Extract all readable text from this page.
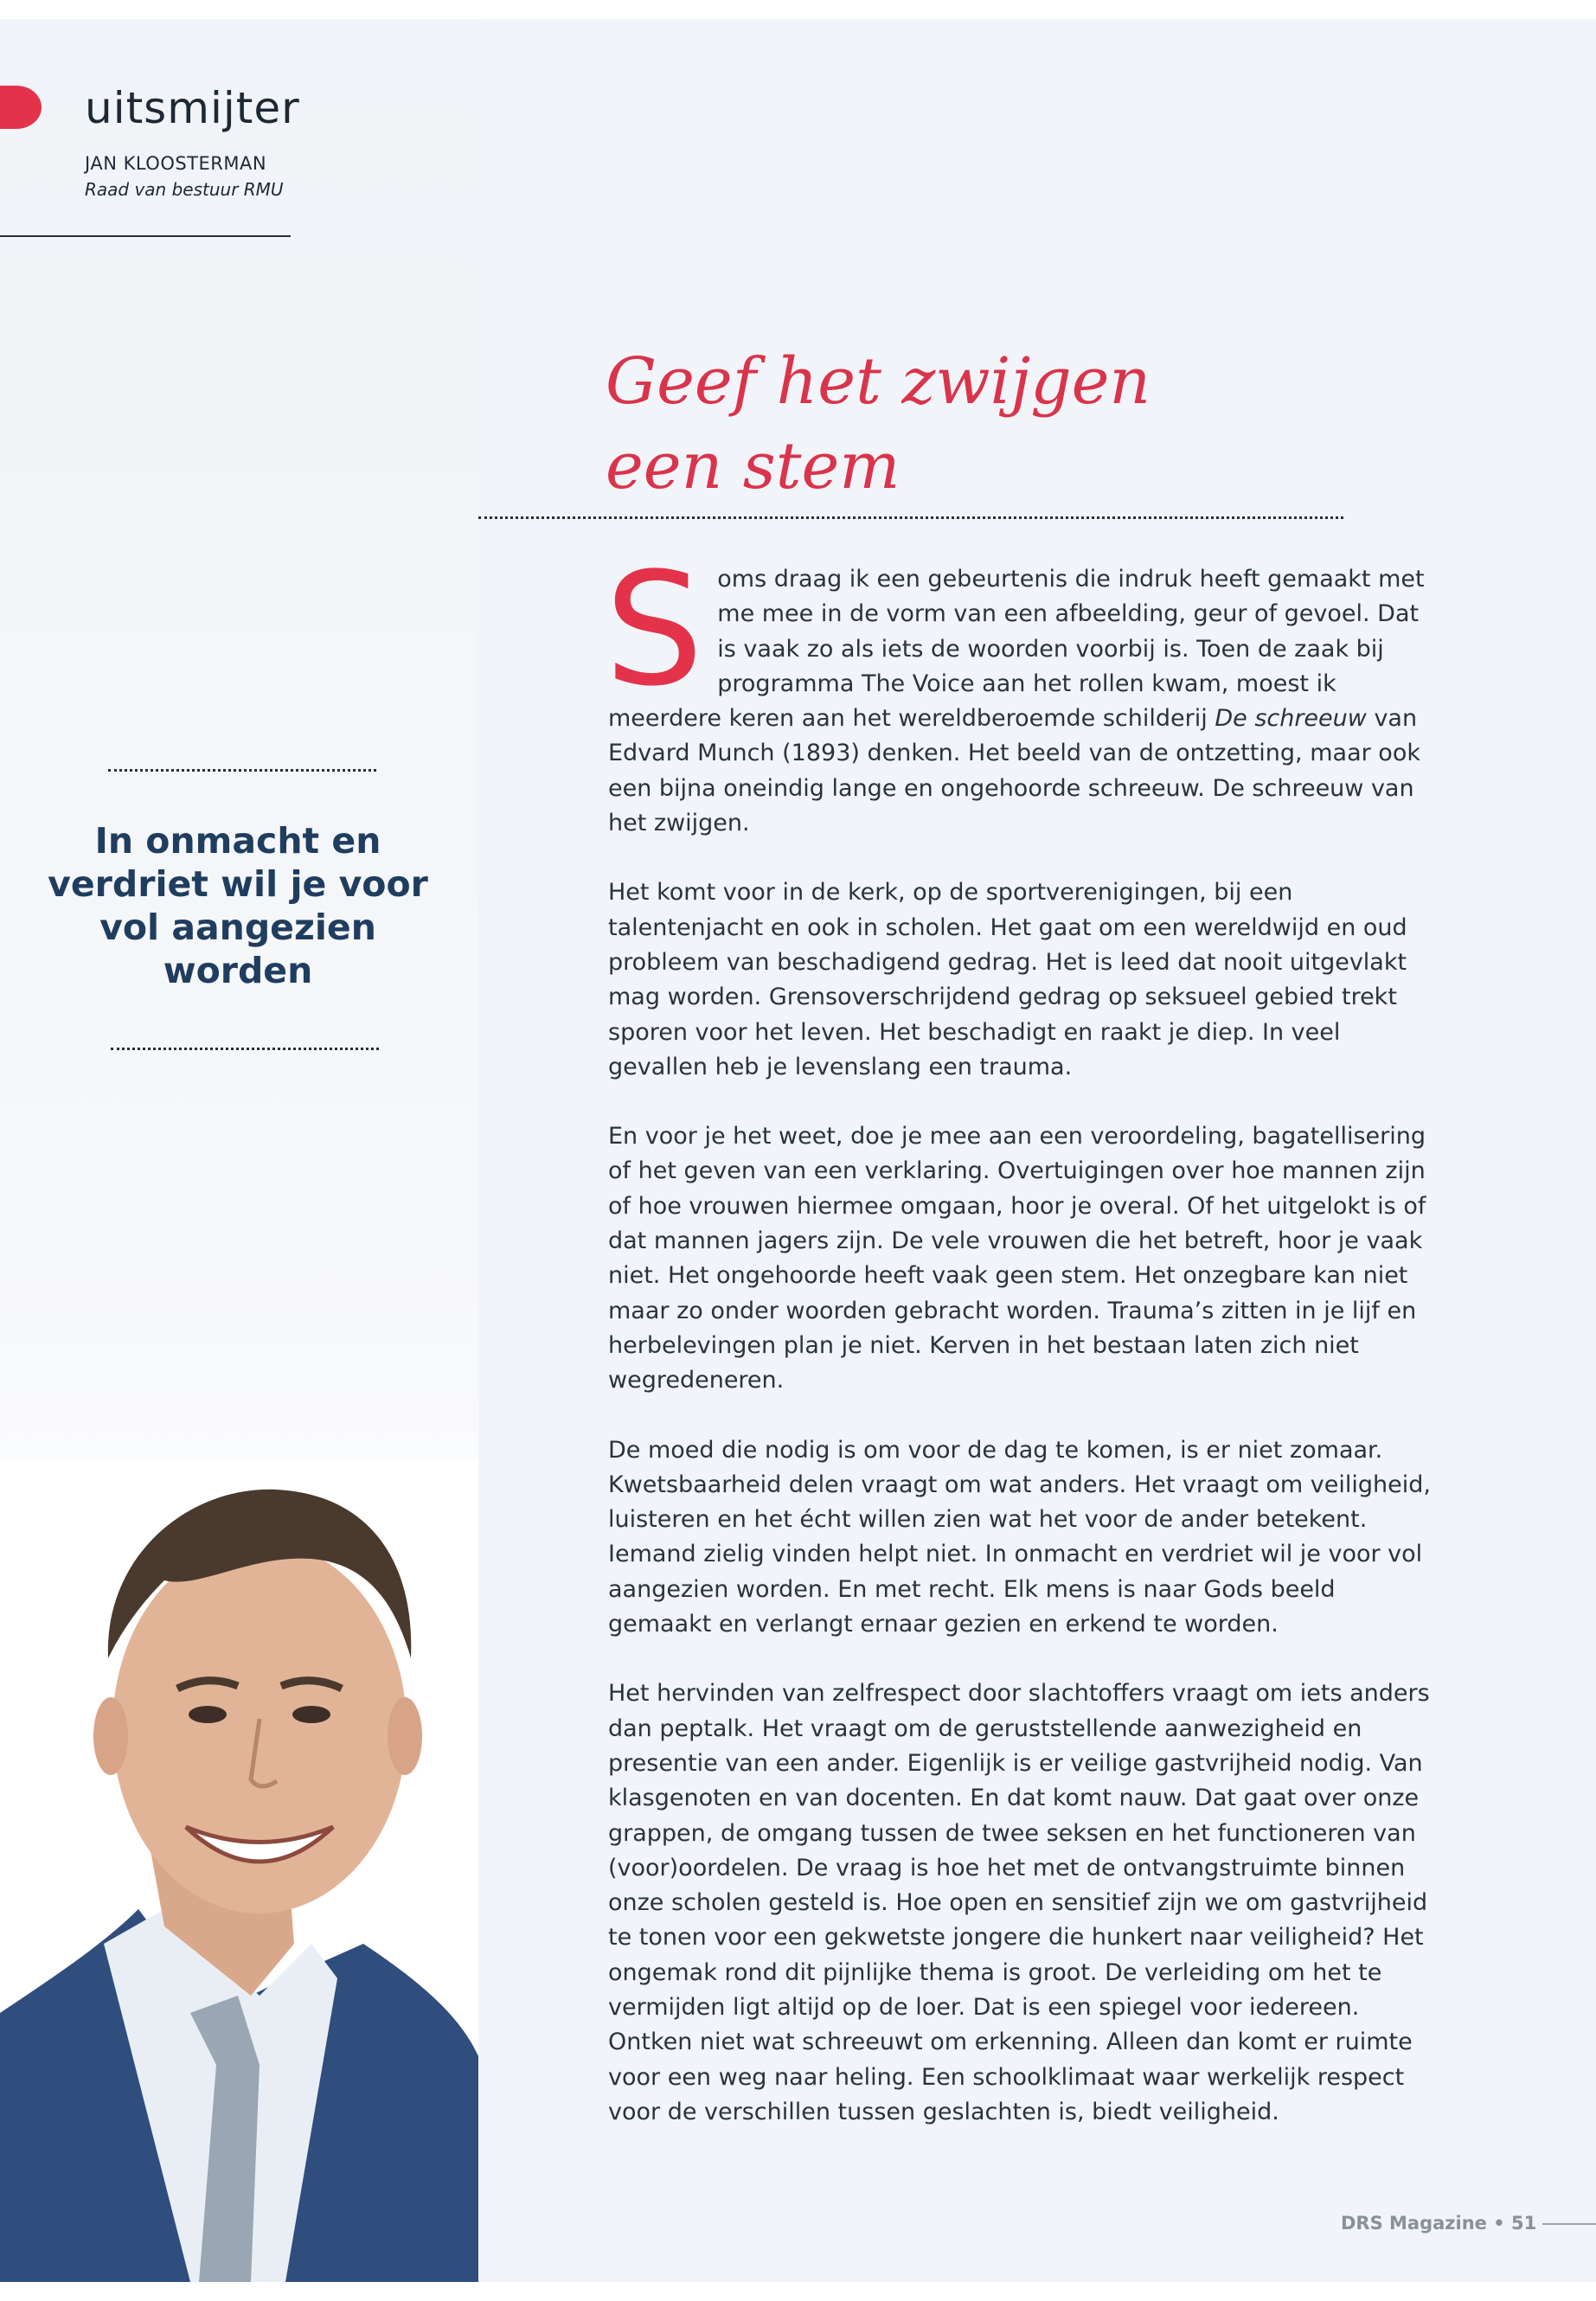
uitsmijter
JAN KLOOSTERMAN
Raad van bestuur RMU
In onmacht en verdriet wil je voor vol aangezien worden
Geef het zwijgen
een stem

Soms draag ik een gebeurtenis die indruk heeft gemaakt met me mee in de vorm van een afbeelding, geur of gevoel. Dat is vaak zo als iets de woorden voorbij is. Toen de zaak bij programma The Voice aan het rollen kwam, moest ik meerdere keren aan het wereldberoemde schilderij De schreeuw van Edvard Munch (1893) denken. Het beeld van de ontzetting, maar ook een bijna oneindig lange en ongehoorde schreeuw. De schreeuw van het zwijgen.

Het komt voor in de kerk, op de sportverenigingen, bij een talentenjacht en ook in scholen. Het gaat om een wereldwijd en oud probleem van beschadigend gedrag. Het is leed dat nooit uitgevlakt mag worden. Grensoverschrijdend gedrag op seksueel gebied trekt sporen voor het leven. Het beschadigt en raakt je diep. In veel gevallen heb je levenslang een trauma.

En voor je het weet, doe je mee aan een veroordeling, bagatellisering of het geven van een verklaring. Overtuigingen over hoe mannen zijn of hoe vrouwen hiermee omgaan, hoor je overal. Of het uitgelokt is of dat mannen jagers zijn. De vele vrouwen die het betreft, hoor je vaak niet. Het ongehoorde heeft vaak geen stem. Het onzegbare kan niet maar zo onder woorden gebracht worden. Trauma’s zitten in je lijf en herbelevingen plan je niet. Kerven in het bestaan laten zich niet wegredeneren.

De moed die nodig is om voor de dag te komen, is er niet zomaar. Kwetsbaarheid delen vraagt om wat anders. Het vraagt om veiligheid, luisteren en het écht willen zien wat het voor de ander betekent. Iemand zielig vinden helpt niet. In onmacht en verdriet wil je voor vol aangezien worden. En met recht. Elk mens is naar Gods beeld gemaakt en verlangt ernaar gezien en erkend te worden.

Het hervinden van zelfrespect door slachtoffers vraagt om iets anders dan peptalk. Het vraagt om de geruststellende aanwezigheid en presentie van een ander. Eigenlijk is er veilige gastvrijheid nodig. Van klasgenoten en van docenten. En dat komt nauw. Dat gaat over onze grappen, de omgang tussen de twee seksen en het functioneren van (voor)oordelen. De vraag is hoe het met de ontvangstruimte binnen onze scholen gesteld is. Hoe open en sensitief zijn we om gastvrijheid te tonen voor een gekwetste jongere die hunkert naar veiligheid? Het ongemak rond dit pijnlijke thema is groot. De verleiding om het te vermijden ligt altijd op de loer. Dat is een spiegel voor iedereen. Ontken niet wat schreeuwt om erkenning. Alleen dan komt er ruimte voor een weg naar heling. Een schoolklimaat waar werkelijk respect voor de verschillen tussen geslachten is, biedt veiligheid.

DRS Magazine • 51
